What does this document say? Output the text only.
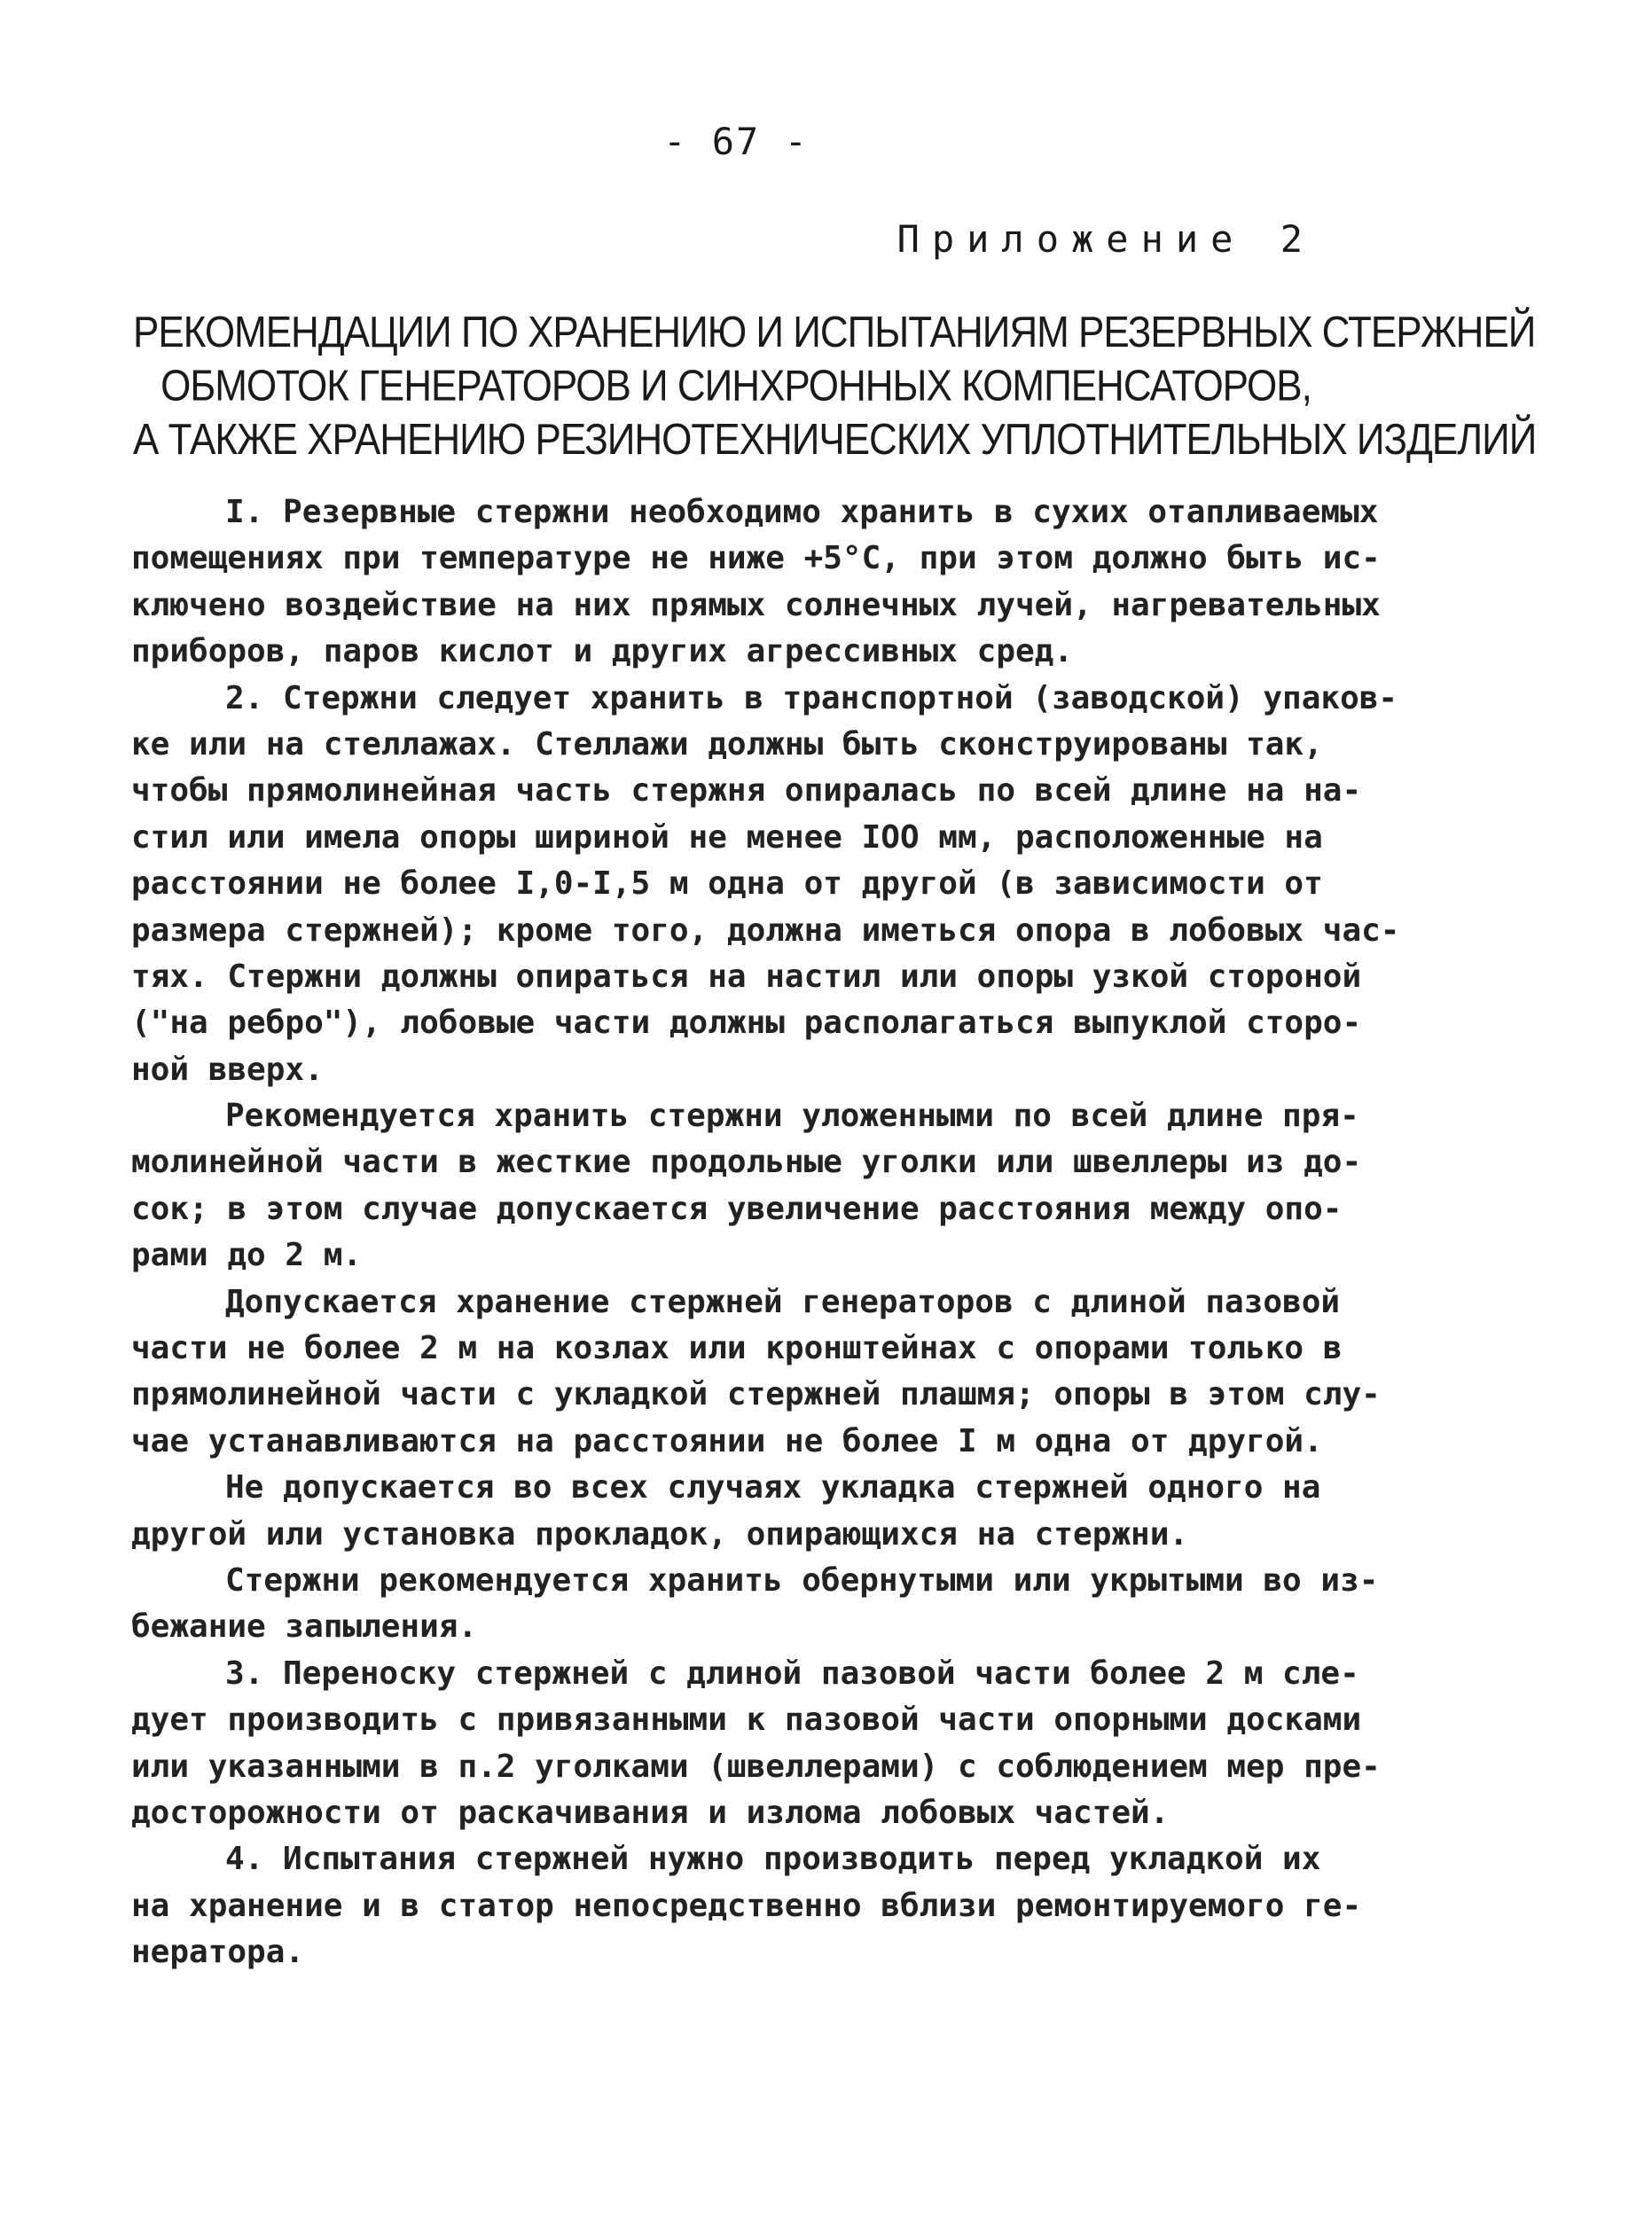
- 67 -
Приложение 2
РЕКОМЕНДАЦИИ ПО ХРАНЕНИЮ И ИСПЫТАНИЯМ РЕЗЕРВНЫХ СТЕРЖНЕЙ
ОБМОТОК ГЕНЕРАТОРОВ И СИНХРОННЫХ КОМПЕНСАТОРОВ,
А ТАКЖЕ ХРАНЕНИЮ РЕЗИНОТЕХНИЧЕСКИХ УПЛОТНИТЕЛЬНЫХ ИЗДЕЛИЙ
I. Резервные стержни необходимо хранить в сухих отапливаемых
помещениях при температуре не ниже +5°С, при этом должно быть ис-
ключено воздействие на них прямых солнечных лучей, нагревательных
приборов, паров кислот и других агрессивных сред.
2. Стержни следует хранить в транспортной (заводской) упаков-
ке или на стеллажах. Стеллажи должны быть сконструированы так,
чтобы прямолинейная часть стержня опиралась по всей длине на на-
стил или имела опоры шириной не менее IOO мм, расположенные на
расстоянии не более I,0-I,5 м одна от другой (в зависимости от
размера стержней); кроме того, должна иметься опора в лобовых час-
тях. Стержни должны опираться на настил или опоры узкой стороной
("на ребро"), лобовые части должны располагаться выпуклой сторо-
ной вверх.
Рекомендуется хранить стержни уложенными по всей длине пря-
молинейной части в жесткие продольные уголки или швеллеры из до-
сок; в этом случае допускается увеличение расстояния между опо-
рами до 2 м.
Допускается хранение стержней генераторов с длиной пазовой
части не более 2 м на козлах или кронштейнах с опорами только в
прямолинейной части с укладкой стержней плашмя; опоры в этом слу-
чае устанавливаются на расстоянии не более I м одна от другой.
Не допускается во всех случаях укладка стержней одного на
другой или установка прокладок, опирающихся на стержни.
Стержни рекомендуется хранить обернутыми или укрытыми во из-
бежание запыления.
3. Переноску стержней с длиной пазовой части более 2 м сле-
дует производить с привязанными к пазовой части опорными досками
или указанными в п.2 уголками (швеллерами) с соблюдением мер пре-
досторожности от раскачивания и излома лобовых частей.
4. Испытания стержней нужно производить перед укладкой их
на хранение и в статор непосредственно вблизи ремонтируемого ге-
нератора.
